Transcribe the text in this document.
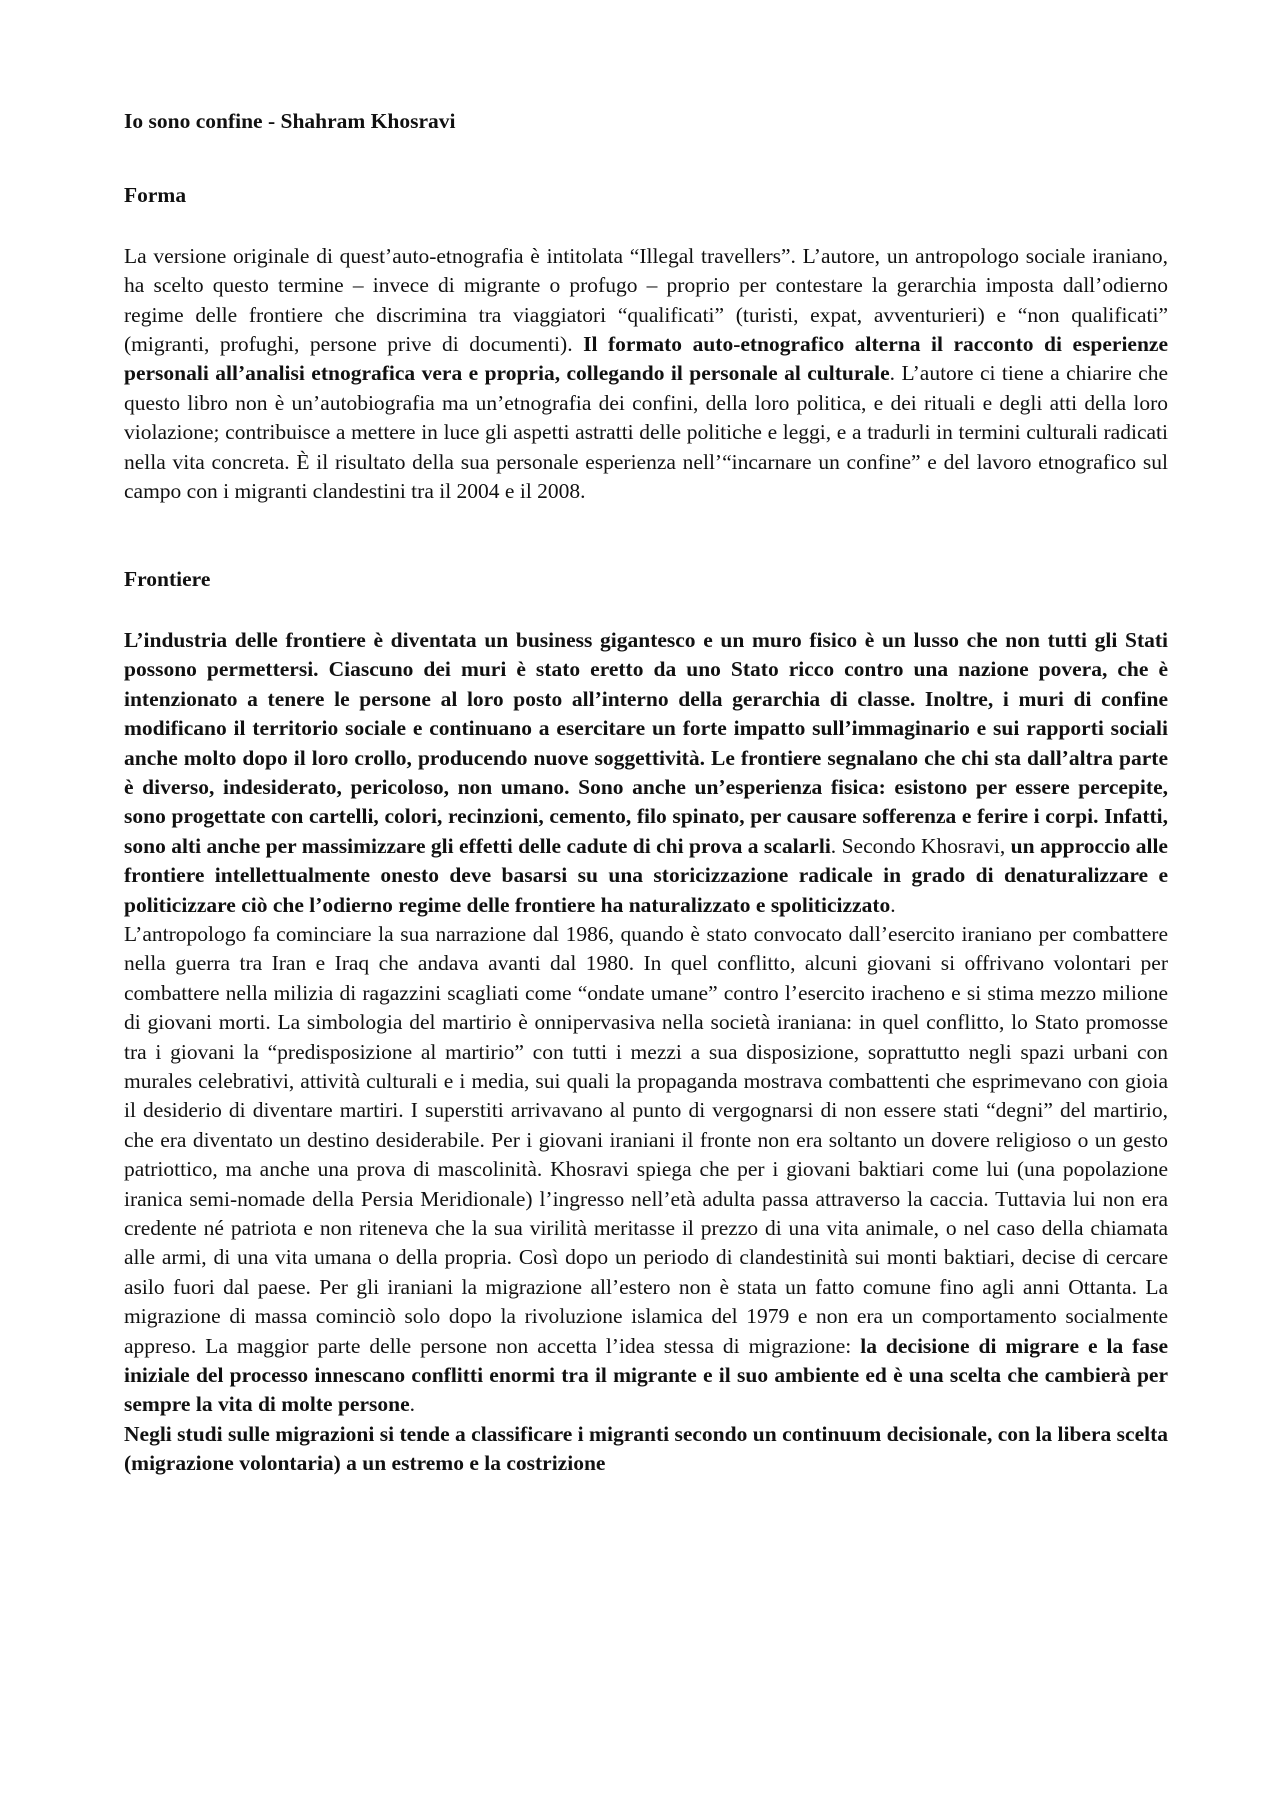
Io sono confine - Shahram Khosravi
Forma

La versione originale di quest’auto-etnografia è intitolata “Illegal travellers”. L’autore, un antropologo sociale iraniano, ha scelto questo termine – invece di migrante o profugo – proprio per contestare la gerarchia imposta dall’odierno regime delle frontiere che discrimina tra viaggiatori “qualificati” (turisti, expat, avventurieri) e “non qualificati” (migranti, profughi, persone prive di documenti). Il formato auto-etnografico alterna il racconto di esperienze personali all’analisi etnografica vera e propria, collegando il personale al culturale. L’autore ci tiene a chiarire che questo libro non è un’autobiografia ma un’etnografia dei confini, della loro politica, e dei rituali e degli atti della loro violazione; contribuisce a mettere in luce gli aspetti astratti delle politiche e leggi, e a tradurli in termini culturali radicati nella vita concreta. È il risultato della sua personale esperienza nell’“incarnare un confine” e del lavoro etnografico sul campo con i migranti clandestini tra il 2004 e il 2008.

Frontiere

L’industria delle frontiere è diventata un business gigantesco e un muro fisico è un lusso che non tutti gli Stati possono permettersi. Ciascuno dei muri è stato eretto da uno Stato ricco contro una nazione povera, che è intenzionato a tenere le persone al loro posto all’interno della gerarchia di classe. Inoltre, i muri di confine modificano il territorio sociale e continuano a esercitare un forte impatto sull’immaginario e sui rapporti sociali anche molto dopo il loro crollo, producendo nuove soggettività. Le frontiere segnalano che chi sta dall’altra parte è diverso, indesiderato, pericoloso, non umano. Sono anche un’esperienza fisica: esistono per essere percepite, sono progettate con cartelli, colori, recinzioni, cemento, filo spinato, per causare sofferenza e ferire i corpi. Infatti, sono alti anche per massimizzare gli effetti delle cadute di chi prova a scalarli. Secondo Khosravi, un approccio alle frontiere intellettualmente onesto deve basarsi su una storicizzazione radicale in grado di denaturalizzare e politicizzare ciò che l’odierno regime delle frontiere ha naturalizzato e spoliticizzato.

L’antropologo fa cominciare la sua narrazione dal 1986, quando è stato convocato dall’esercito iraniano per combattere nella guerra tra Iran e Iraq che andava avanti dal 1980. In quel conflitto, alcuni giovani si offrivano volontari per combattere nella milizia di ragazzini scagliati come “ondate umane” contro l’esercito iracheno e si stima mezzo milione di giovani morti. La simbologia del martirio è onnipervasiva nella società iraniana: in quel conflitto, lo Stato promosse tra i giovani la “predisposizione al martirio” con tutti i mezzi a sua disposizione, soprattutto negli spazi urbani con murales celebrativi, attività culturali e i media, sui quali la propaganda mostrava combattenti che esprimevano con gioia il desiderio di diventare martiri. I superstiti arrivavano al punto di vergognarsi di non essere stati “degni” del martirio, che era diventato un destino desiderabile. Per i giovani iraniani il fronte non era soltanto un dovere religioso o un gesto patriottico, ma anche una prova di mascolinità. Khosravi spiega che per i giovani baktiari come lui (una popolazione iranica semi-nomade della Persia Meridionale) l’ingresso nell’età adulta passa attraverso la caccia. Tuttavia lui non era credente né patriota e non riteneva che la sua virilità meritasse il prezzo di una vita animale, o nel caso della chiamata alle armi, di una vita umana o della propria. Così dopo un periodo di clandestinità sui monti baktiari, decise di cercare asilo fuori dal paese. Per gli iraniani la migrazione all’estero non è stata un fatto comune fino agli anni Ottanta. La migrazione di massa cominciò solo dopo la rivoluzione islamica del 1979 e non era un comportamento socialmente appreso. La maggior parte delle persone non accetta l’idea stessa di migrazione: la decisione di migrare e la fase iniziale del processo innescano conflitti enormi tra il migrante e il suo ambiente ed è una scelta che cambierà per sempre la vita di molte persone.

Negli studi sulle migrazioni si tende a classificare i migranti secondo un continuum decisionale, con la libera scelta (migrazione volontaria) a un estremo e la costrizione
